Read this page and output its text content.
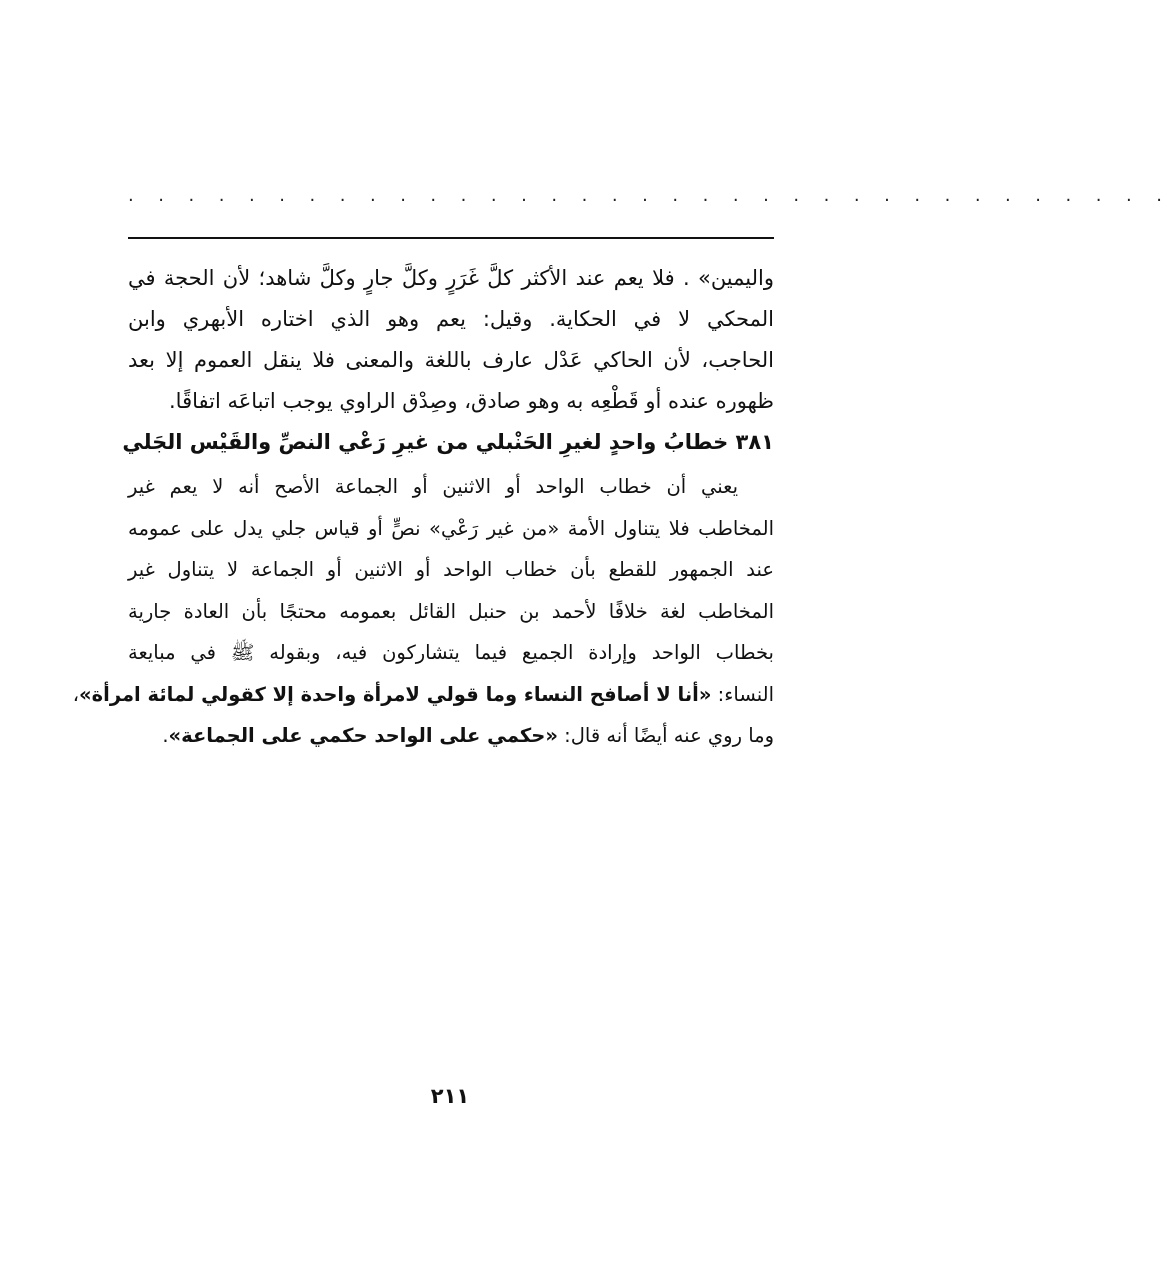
. . . . . . . . . . . . . . . . . . . . . . . . . . . . . . . . . . .
واليمين» . فلا يعم عند الأكثر كلَّ غَرَرٍ وكلَّ جارٍ وكلَّ شاهد؛ لأن الحجة في
المحكي لا في الحكاية. وقيل: يعم وهو الذي اختاره الأبهري وابن
الحاجب، لأن الحاكي عَدْل عارف باللغة والمعنى فلا ينقل العموم إلا بعد
ظهوره عنده أو قَطْعِه به وهو صادق، وصِدْق الراوي يوجب اتباعَه اتفاقًا.
٣٨١ خطابُ واحدٍ لغيرِ الحَنْبلي من غيرِ رَعْي النصِّ والقَيْس الجَلي
يعني أن خطاب الواحد أو الاثنين أو الجماعة الأصح أنه لا يعم غير
المخاطب فلا يتناول الأمة «من غير رَعْي» نصٍّ أو قياس جلي يدل على عمومه
عند الجمهور للقطع بأن خطاب الواحد أو الاثنين أو الجماعة لا يتناول غير
المخاطب لغة خلافًا لأحمد بن حنبل القائل بعمومه محتجًا بأن العادة جارية
بخطاب الواحد وإرادة الجميع فيما يتشاركون فيه، وبقوله ﷺ في مبايعة
النساء: «أنا لا أصافح النساء وما قولي لامرأة واحدة إلا كقولي لمائة امرأة»،
وما روي عنه أيضًا أنه قال: «حكمي على الواحد حكمي على الجماعة».
٢١١
